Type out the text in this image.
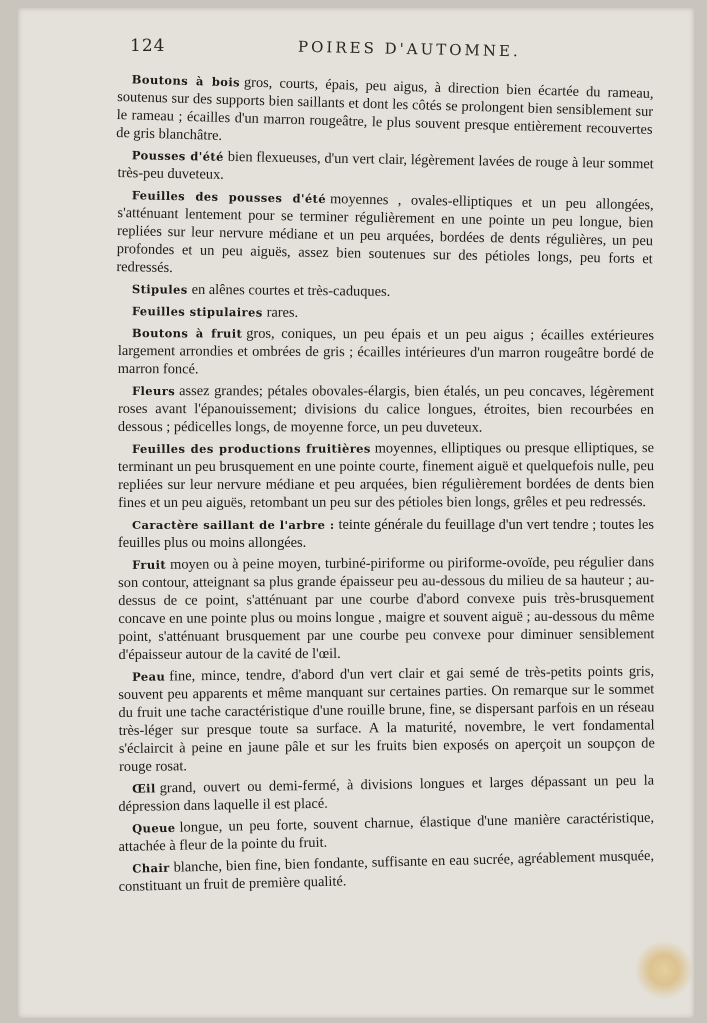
124	POIRES D'AUTOMNE.

Boutons à bois gros, courts, épais, peu aigus, à direction bien écartée du rameau, soutenus sur des supports bien saillants et dont les côtés se prolongent bien sensiblement sur le rameau ; écailles d'un marron rougeâtre, le plus souvent presque entièrement recouvertes de gris blanchâtre.

Pousses d'été bien flexueuses, d'un vert clair, légèrement lavées de rouge à leur sommet très-peu duveteux.

Feuilles des pousses d'été moyennes , ovales-elliptiques et un peu allongées, s'atténuant lentement pour se terminer régulièrement en une pointe un peu longue, bien repliées sur leur nervure médiane et un peu arquées, bordées de dents régulières, un peu profondes et un peu aiguës, assez bien soutenues sur des pétioles longs, peu forts et redressés.

Stipules en alênes courtes et très-caduques.

Feuilles stipulaires rares.

Boutons à fruit gros, coniques, un peu épais et un peu aigus ; écailles extérieures largement arrondies et ombrées de gris ; écailles intérieures d'un marron rougeâtre bordé de marron foncé.

Fleurs assez grandes; pétales obovales-élargis, bien étalés, un peu concaves, légèrement roses avant l'épanouissement; divisions du calice longues, étroites, bien recourbées en dessous ; pédicelles longs, de moyenne force, un peu duveteux.

Feuilles des productions fruitières moyennes, elliptiques ou presque elliptiques, se terminant un peu brusquement en une pointe courte, finement aiguë et quelquefois nulle, peu repliées sur leur nervure médiane et peu arquées, bien régulièrement bordées de dents bien fines et un peu aiguës, retombant un peu sur des pétioles bien longs, grêles et peu redressés.

Caractère saillant de l'arbre : teinte générale du feuillage d'un vert tendre ; toutes les feuilles plus ou moins allongées.

Fruit moyen ou à peine moyen, turbiné-piriforme ou piriforme-ovoïde, peu régulier dans son contour, atteignant sa plus grande épaisseur peu au-dessous du milieu de sa hauteur ; au-dessus de ce point, s'atténuant par une courbe d'abord convexe puis très-brusquement concave en une pointe plus ou moins longue , maigre et souvent aiguë ; au-dessous du même point, s'atténuant brusquement par une courbe peu convexe pour diminuer sensiblement d'épaisseur autour de la cavité de l'œil.

Peau fine, mince, tendre, d'abord d'un vert clair et gai semé de très-petits points gris, souvent peu apparents et même manquant sur certaines parties. On remarque sur le sommet du fruit une tache caractéristique d'une rouille brune, fine, se dispersant parfois en un réseau très-léger sur presque toute sa surface. A la maturité, novembre, le vert fondamental s'éclaircit à peine en jaune pâle et sur les fruits bien exposés on aperçoit un soupçon de rouge rosat.

Œil grand, ouvert ou demi-fermé, à divisions longues et larges dépassant un peu la dépression dans laquelle il est placé.

Queue longue, un peu forte, souvent charnue, élastique d'une manière caractéristique, attachée à fleur de la pointe du fruit.

Chair blanche, bien fine, bien fondante, suffisante en eau sucrée, agréablement musquée, constituant un fruit de première qualité.
